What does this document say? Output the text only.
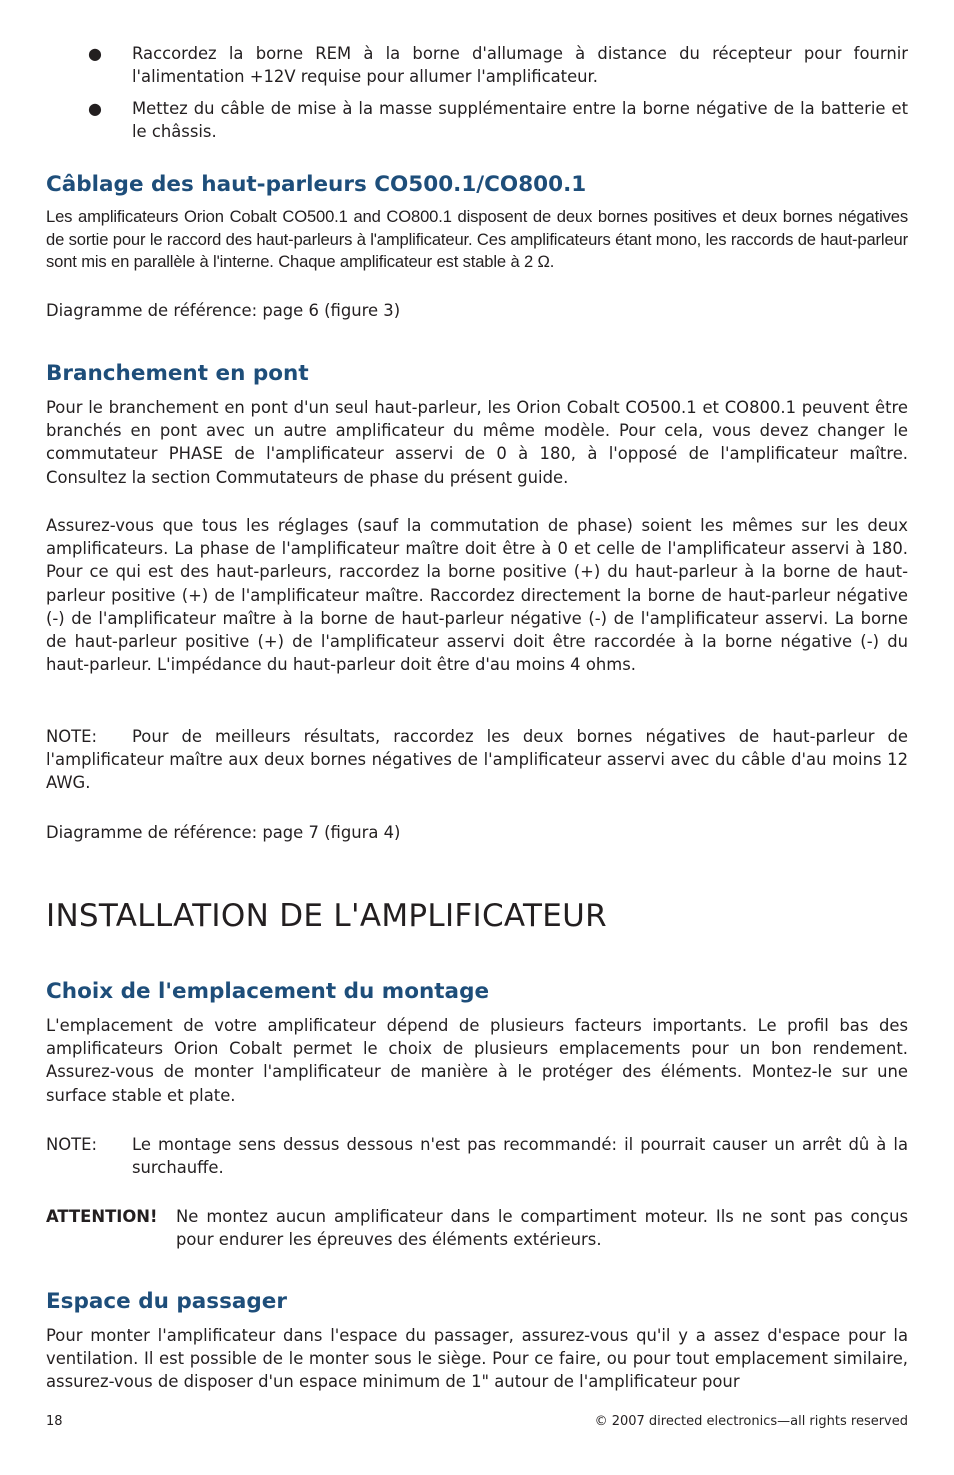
● Raccordez la borne REM à la borne d'allumage à distance du récepteur pour fournir l'alimentation +12V requise pour allumer l'amplificateur.

● Mettez du câble de mise à la masse supplémentaire entre la borne négative de la batterie et le châssis.

Câblage des haut-parleurs CO500.1/CO800.1

Les amplificateurs Orion Cobalt CO500.1 and CO800.1 disposent de deux bornes positives et deux bornes négatives de sortie pour le raccord des haut-parleurs à l'amplificateur. Ces amplificateurs étant mono, les raccords de haut-parleur sont mis en parallèle à l'interne. Chaque amplificateur est stable à 2 Ω.

Diagramme de référence: page 6 (figure 3)

Branchement en pont

Pour le branchement en pont d'un seul haut-parleur, les Orion Cobalt CO500.1 et CO800.1 peuvent être branchés en pont avec un autre amplificateur du même modèle. Pour cela, vous devez changer le commutateur PHASE de l'amplificateur asservi de 0 à 180, à l'opposé de l'amplificateur maître. Consultez la section Commutateurs de phase du présent guide.

Assurez-vous que tous les réglages (sauf la commutation de phase) soient les mêmes sur les deux amplificateurs. La phase de l'amplificateur maître doit être à 0 et celle de l'amplificateur asservi à 180. Pour ce qui est des haut-parleurs, raccordez la borne positive (+) du haut-parleur à la borne de haut-parleur positive (+) de l'amplificateur maître. Raccordez directement la borne de haut-parleur négative (-) de l'amplificateur maître à la borne de haut-parleur négative (-) de l'amplificateur asservi. La borne de haut-parleur positive (+) de l'amplificateur asservi doit être raccordée à la borne négative (-) du haut-parleur. L'impédance du haut-parleur doit être d'au moins 4 ohms.

NOTE: Pour de meilleurs résultats, raccordez les deux bornes négatives de haut-parleur de l'amplificateur maître aux deux bornes négatives de l'amplificateur asservi avec du câble d'au moins 12 AWG.

Diagramme de référence: page 7 (figura 4)

INSTALLATION DE L'AMPLIFICATEUR
Choix de l'emplacement du montage

L'emplacement de votre amplificateur dépend de plusieurs facteurs importants. Le profil bas des amplificateurs Orion Cobalt permet le choix de plusieurs emplacements pour un bon rendement. Assurez-vous de monter l'amplificateur de manière à le protéger des éléments. Montez-le sur une surface stable et plate.

NOTE: Le montage sens dessus dessous n'est pas recommandé: il pourrait causer un arrêt dû à la surchauffe.

ATTENTION! Ne montez aucun amplificateur dans le compartiment moteur. Ils ne sont pas conçus pour endurer les épreuves des éléments extérieurs.

Espace du passager

Pour monter l'amplificateur dans l'espace du passager, assurez-vous qu'il y a assez d'espace pour la ventilation. Il est possible de le monter sous le siège. Pour ce faire, ou pour tout emplacement similaire, assurez-vous de disposer d'un espace minimum de 1" autour de l'amplificateur pour

18	© 2007 directed electronics—all rights reserved
